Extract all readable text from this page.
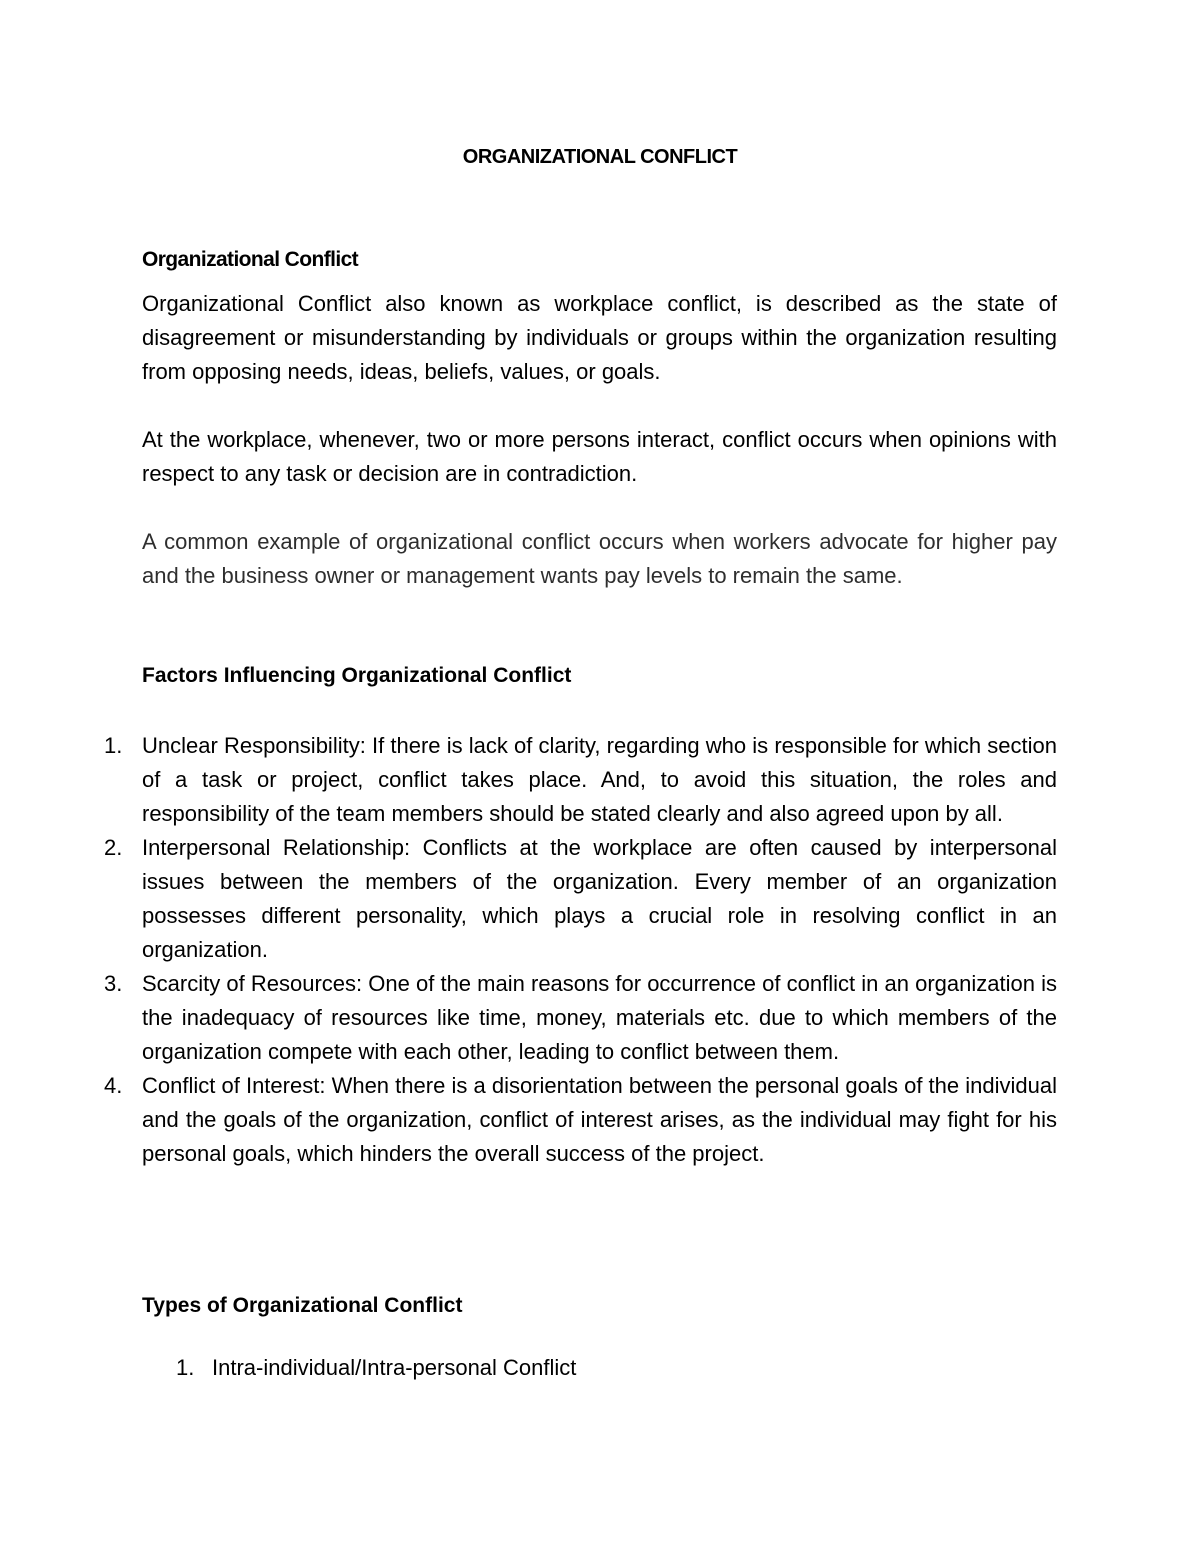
ORGANIZATIONAL CONFLICT
Organizational Conflict
Organizational Conflict also known as workplace conflict, is described as the state of disagreement or misunderstanding by individuals or groups within the organization resulting from opposing needs, ideas, beliefs, values, or goals.
At the workplace, whenever, two or more persons interact, conflict occurs when opinions with respect to any task or decision are in contradiction.
A common example of organizational conflict occurs when workers advocate for higher pay and the business owner or management wants pay levels to remain the same.
Factors Influencing Organizational Conflict
1. Unclear Responsibility: If there is lack of clarity, regarding who is responsible for which section of a task or project, conflict takes place. And, to avoid this situation, the roles and responsibility of the team members should be stated clearly and also agreed upon by all.
2. Interpersonal Relationship: Conflicts at the workplace are often caused by interpersonal issues between the members of the organization. Every member of an organization possesses different personality, which plays a crucial role in resolving conflict in an organization.
3. Scarcity of Resources: One of the main reasons for occurrence of conflict in an organization is the inadequacy of resources like time, money, materials etc. due to which members of the organization compete with each other, leading to conflict between them.
4. Conflict of Interest: When there is a disorientation between the personal goals of the individual and the goals of the organization, conflict of interest arises, as the individual may fight for his personal goals, which hinders the overall success of the project.
Types of Organizational Conflict
1. Intra-individual/Intra-personal Conflict
